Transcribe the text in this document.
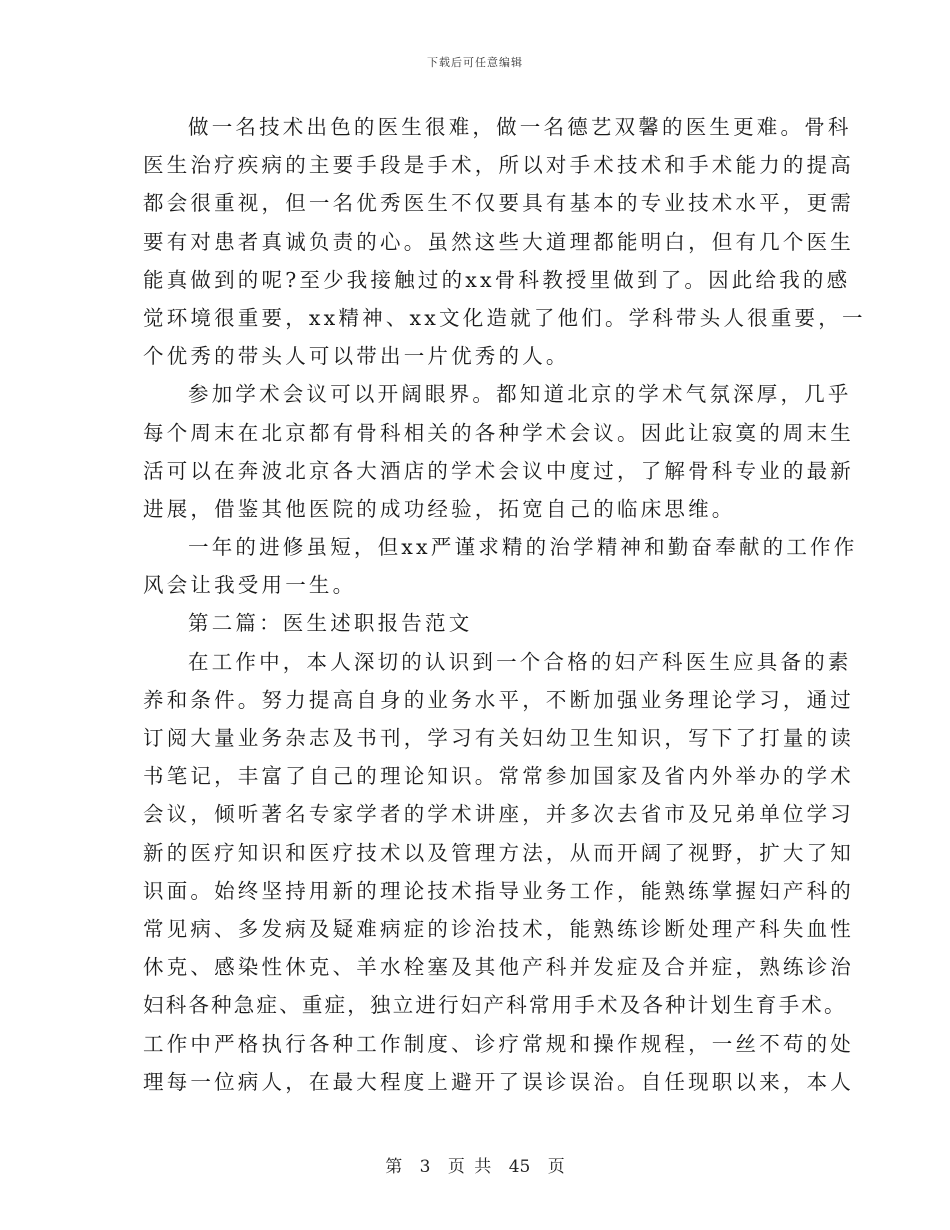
下载后可任意编辑
做一名技术出色的医生很难，做一名德艺双馨的医生更难。骨科
医生治疗疾病的主要手段是手术，所以对手术技术和手术能力的提高
都会很重视，但一名优秀医生不仅要具有基本的专业技术水平，更需
要有对患者真诚负责的心。虽然这些大道理都能明白，但有几个医生
能真做到的呢?至少我接触过的xx骨科教授里做到了。因此给我的感
觉环境很重要，xx精神、xx文化造就了他们。学科带头人很重要，一
个优秀的带头人可以带出一片优秀的人。
参加学术会议可以开阔眼界。都知道北京的学术气氛深厚，几乎
每个周末在北京都有骨科相关的各种学术会议。因此让寂寞的周末生
活可以在奔波北京各大酒店的学术会议中度过，了解骨科专业的最新
进展，借鉴其他医院的成功经验，拓宽自己的临床思维。
一年的进修虽短，但xx严谨求精的治学精神和勤奋奉献的工作作
风会让我受用一生。
第二篇：医生述职报告范文
在工作中，本人深切的认识到一个合格的妇产科医生应具备的素
养和条件。努力提高自身的业务水平，不断加强业务理论学习，通过
订阅大量业务杂志及书刊，学习有关妇幼卫生知识，写下了打量的读
书笔记，丰富了自己的理论知识。常常参加国家及省内外举办的学术
会议，倾听著名专家学者的学术讲座，并多次去省市及兄弟单位学习
新的医疗知识和医疗技术以及管理方法，从而开阔了视野，扩大了知
识面。始终坚持用新的理论技术指导业务工作，能熟练掌握妇产科的
常见病、多发病及疑难病症的诊治技术，能熟练诊断处理产科失血性
休克、感染性休克、羊水栓塞及其他产科并发症及合并症，熟练诊治
妇科各种急症、重症，独立进行妇产科常用手术及各种计划生育手术。
工作中严格执行各种工作制度、诊疗常规和操作规程，一丝不苟的处
理每一位病人，在最大程度上避开了误诊误治。自任现职以来，本人
第 3 页 共 45 页
